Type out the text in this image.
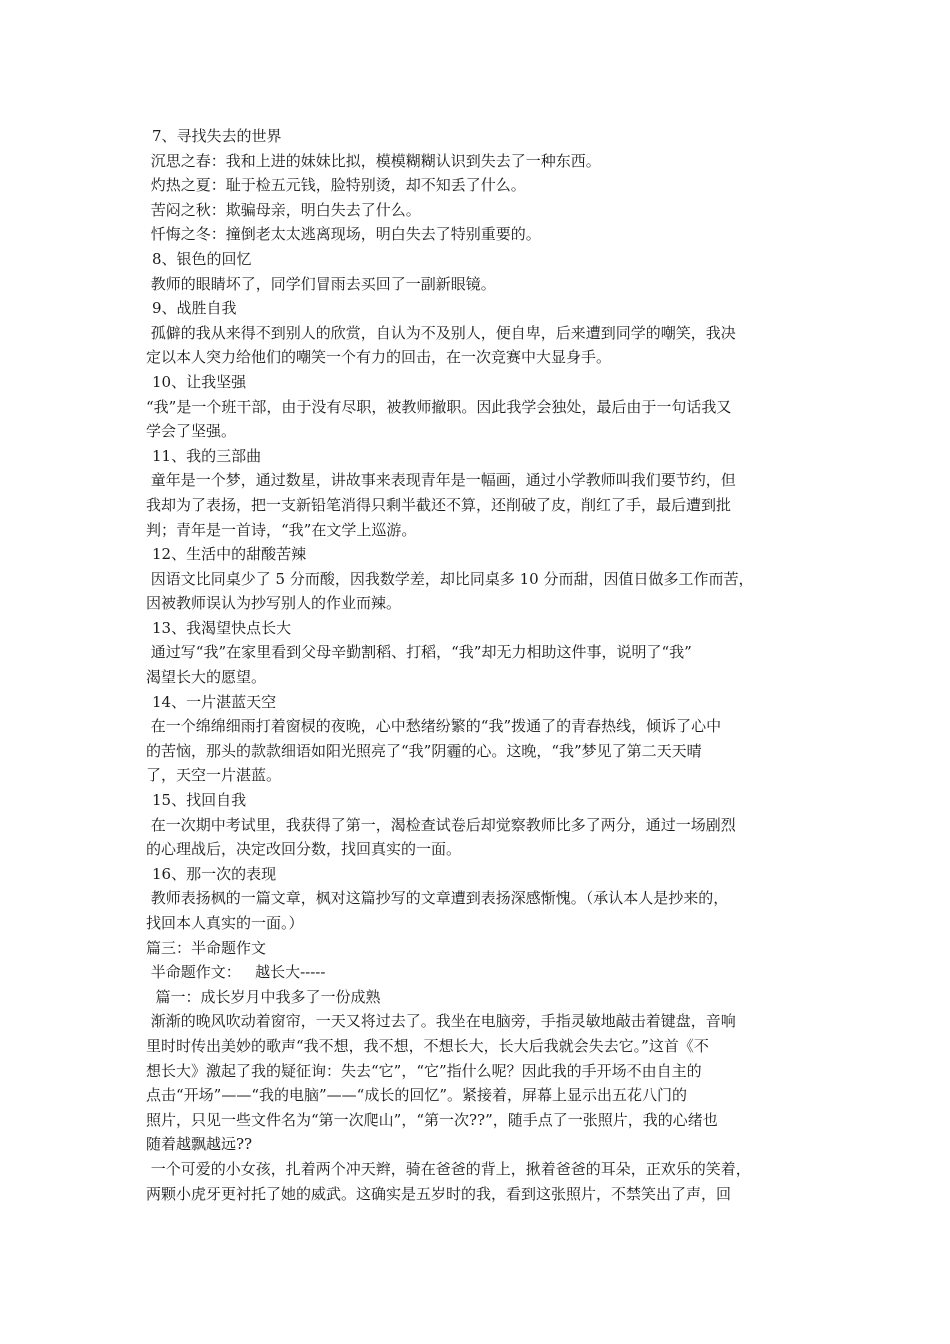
7、寻找失去的世界
沉思之春：我和上进的妹妹比拟，模模糊糊认识到失去了一种东西。
灼热之夏：耻于检五元钱，脸特别烫，却不知丢了什么。
苦闷之秋：欺骗母亲，明白失去了什么。
忏悔之冬：撞倒老太太逃离现场，明白失去了特别重要的。
8、银色的回忆
教师的眼睛坏了，同学们冒雨去买回了一副新眼镜。
9、战胜自我
孤僻的我从来得不到别人的欣赏，自认为不及别人，便自卑，后来遭到同学的嘲笑，我决
定以本人突力给他们的嘲笑一个有力的回击，在一次竞赛中大显身手。
10、让我坚强
“我”是一个班干部，由于没有尽职，被教师撤职。因此我学会独处，最后由于一句话我又
学会了坚强。
11、我的三部曲
童年是一个梦，通过数星，讲故事来表现青年是一幅画，通过小学教师叫我们要节约，但
我却为了表扬，把一支新铅笔消得只剩半截还不算，还削破了皮，削红了手，最后遭到批
判；青年是一首诗，“我”在文学上巡游。
12、生活中的甜酸苦辣
因语文比同桌少了 5 分而酸，因我数学差，却比同桌多 10 分而甜，因值日做多工作而苦，
因被教师误认为抄写别人的作业而辣。
13、我渴望快点长大
通过写“我”在家里看到父母辛勤割稻、打稻，“我”却无力相助这件事，说明了“我”
渴望长大的愿望。
14、一片湛蓝天空
在一个绵绵细雨打着窗棂的夜晚，心中愁绪纷繁的“我”拨通了的青春热线，倾诉了心中
的苦恼，那头的款款细语如阳光照亮了“我”阴霾的心。这晚，“我”梦见了第二天天晴
了，天空一片湛蓝。
15、找回自我
在一次期中考试里，我获得了第一，渴检查试卷后却觉察教师比多了两分，通过一场剧烈
的心理战后，决定改回分数，找回真实的一面。
16、那一次的表现
教师表扬枫的一篇文章，枫对这篇抄写的文章遭到表扬深感惭愧。（承认本人是抄来的，
找回本人真实的一面。）
篇三：半命题作文
半命题作文：   越长大-----
篇一：成长岁月中我多了一份成熟
渐渐的晚风吹动着窗帘，一天又将过去了。我坐在电脑旁，手指灵敏地敲击着键盘，音响
里时时传出美妙的歌声“我不想，我不想，不想长大，长大后我就会失去它。”这首《不
想长大》激起了我的疑征询：失去“它”，“它”指什么呢？因此我的手开场不由自主的
点击“开场”——“我的电脑”——“成长的回忆”。紧接着，屏幕上显示出五花八门的
照片，只见一些文件名为“第一次爬山”，“第一次??”，随手点了一张照片，我的心绪也
随着越飘越远??
一个可爱的小女孩，扎着两个冲天辫，骑在爸爸的背上，揪着爸爸的耳朵，正欢乐的笑着，
两颗小虎牙更衬托了她的威武。这确实是五岁时的我，看到这张照片，不禁笑出了声，回
